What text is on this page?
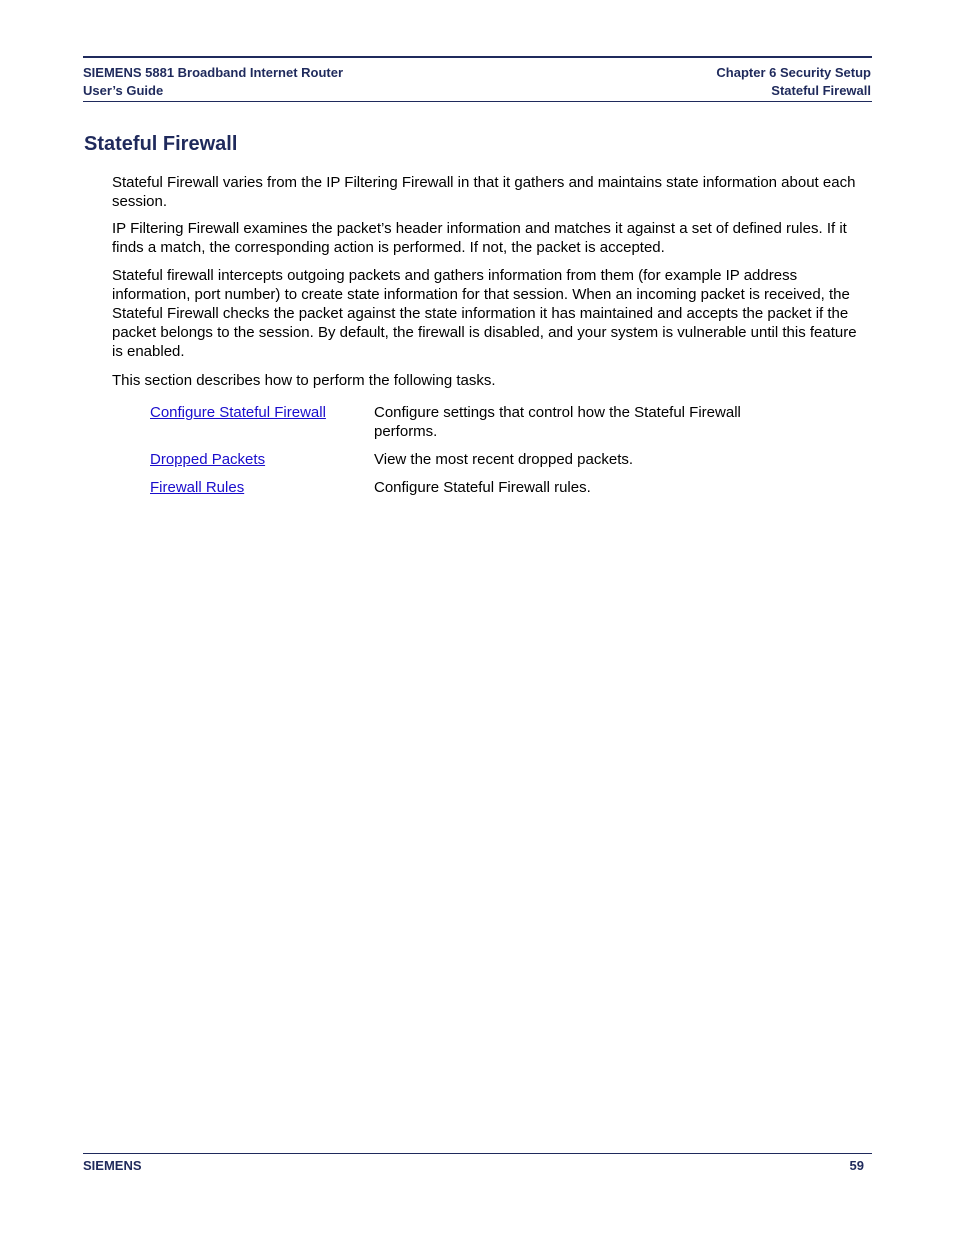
SIEMENS 5881 Broadband Internet Router
User’s Guide
Chapter 6 Security Setup
Stateful Firewall
Stateful Firewall

Stateful Firewall varies from the IP Filtering Firewall in that it gathers and maintains state information about each session.

IP Filtering Firewall examines the packet’s header information and matches it against a set of defined rules. If it finds a match, the corresponding action is performed. If not, the packet is accepted.

Stateful firewall intercepts outgoing packets and gathers information from them (for example IP address information, port number) to create state information for that session. When an incoming packet is received, the Stateful Firewall checks the packet against the state information it has maintained and accepts the packet if the packet belongs to the session. By default, the firewall is disabled, and your system is vulnerable until this feature is enabled.

This section describes how to perform the following tasks.

Configure Stateful Firewall	Configure settings that control how the Stateful Firewall performs.
Dropped Packets	View the most recent dropped packets.
Firewall Rules	Configure Stateful Firewall rules.
SIEMENS	59
